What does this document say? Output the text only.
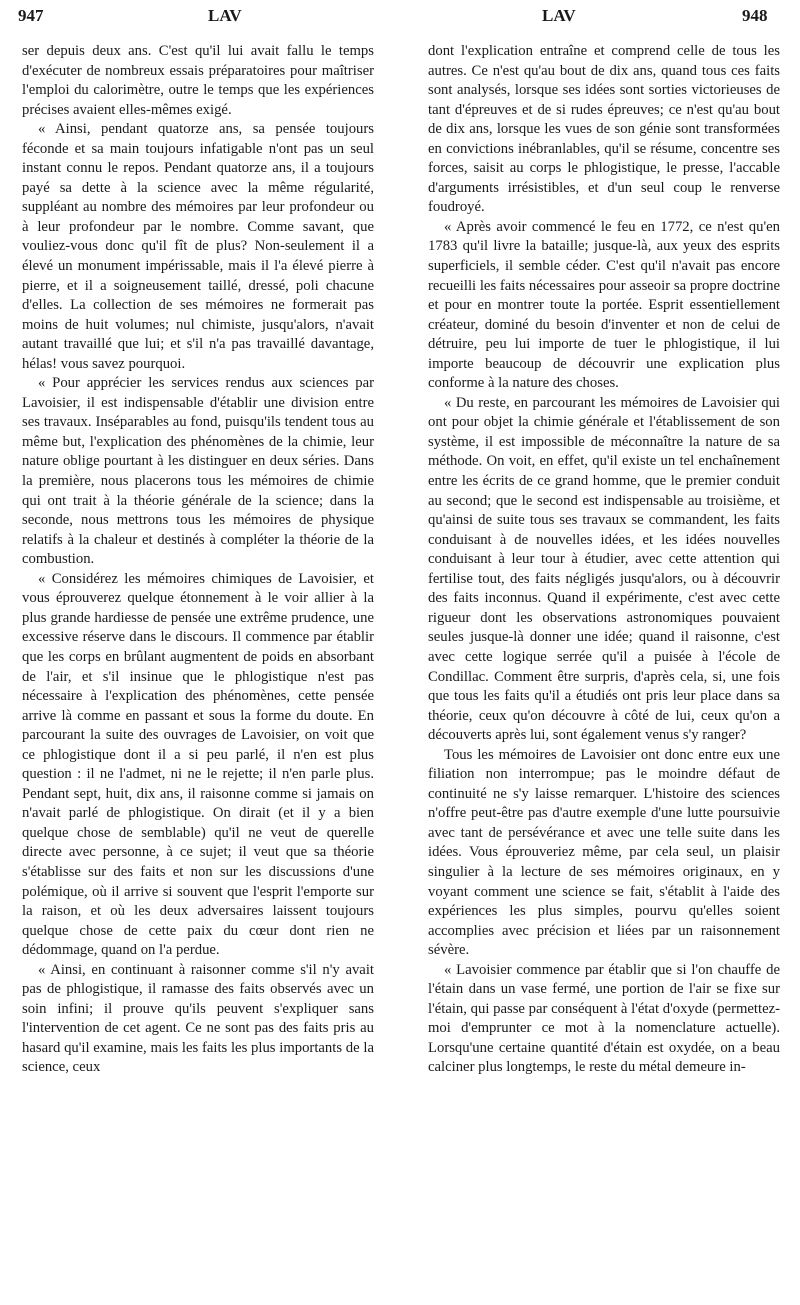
947	LAV	LAV	948

ser depuis deux ans. C'est qu'il lui avait fallu le temps d'exécuter de nombreux essais préparatoires pour maîtriser l'emploi du calorimètre, outre le temps que les expériences précises avaient elles-mêmes exigé.

« Ainsi, pendant quatorze ans, sa pensée toujours féconde et sa main toujours infatigable n'ont pas un seul instant connu le repos. Pendant quatorze ans, il a toujours payé sa dette à la science avec la même régularité, suppléant au nombre des mémoires par leur profondeur ou à leur profondeur par le nombre. Comme savant, que vouliez-vous donc qu'il fît de plus? Non-seulement il a élevé un monument impérissable, mais il l'a élevé pierre à pierre, et il a soigneusement taillé, dressé, poli chacune d'elles. La collection de ses mémoires ne formerait pas moins de huit volumes; nul chimiste, jusqu'alors, n'avait autant travaillé que lui; et s'il n'a pas travaillé davantage, hélas! vous savez pourquoi.

« Pour apprécier les services rendus aux sciences par Lavoisier, il est indispensable d'établir une division entre ses travaux. Inséparables au fond, puisqu'ils tendent tous au même but, l'explication des phénomènes de la chimie, leur nature oblige pourtant à les distinguer en deux séries. Dans la première, nous placerons tous les mémoires de chimie qui ont trait à la théorie générale de la science; dans la seconde, nous mettrons tous les mémoires de physique relatifs à la chaleur et destinés à compléter la théorie de la combustion.

« Considérez les mémoires chimiques de Lavoisier, et vous éprouverez quelque étonnement à le voir allier à la plus grande hardiesse de pensée une extrême prudence, une excessive réserve dans le discours. Il commence par établir que les corps en brûlant augmentent de poids en absorbant de l'air, et s'il insinue que le phlogistique n'est pas nécessaire à l'explication des phénomènes, cette pensée arrive là comme en passant et sous la forme du doute. En parcourant la suite des ouvrages de Lavoisier, on voit que ce phlogistique dont il a si peu parlé, il n'en est plus question : il ne l'admet, ni ne le rejette; il n'en parle plus. Pendant sept, huit, dix ans, il raisonne comme si jamais on n'avait parlé de phlogistique. On dirait (et il y a bien quelque chose de semblable) qu'il ne veut de querelle directe avec personne, à ce sujet; il veut que sa théorie s'établisse sur des faits et non sur les discussions d'une polémique, où il arrive si souvent que l'esprit l'emporte sur la raison, et où les deux adversaires laissent toujours quelque chose de cette paix du cœur dont rien ne dédommage, quand on l'a perdue.

« Ainsi, en continuant à raisonner comme s'il n'y avait pas de phlogistique, il ramasse des faits observés avec un soin infini; il prouve qu'ils peuvent s'expliquer sans l'intervention de cet agent. Ce ne sont pas des faits pris au hasard qu'il examine, mais les faits les plus importants de la science, ceux

dont l'explication entraîne et comprend celle de tous les autres. Ce n'est qu'au bout de dix ans, quand tous ces faits sont analysés, lorsque ses idées sont sorties victorieuses de tant d'épreuves et de si rudes épreuves; ce n'est qu'au bout de dix ans, lorsque les vues de son génie sont transformées en convictions inébranlables, qu'il se résume, concentre ses forces, saisit au corps le phlogistique, le presse, l'accable d'arguments irrésistibles, et d'un seul coup le renverse foudroyé.

« Après avoir commencé le feu en 1772, ce n'est qu'en 1783 qu'il livre la bataille; jusque-là, aux yeux des esprits superficiels, il semble céder. C'est qu'il n'avait pas encore recueilli les faits nécessaires pour asseoir sa propre doctrine et pour en montrer toute la portée. Esprit essentiellement créateur, dominé du besoin d'inventer et non de celui de détruire, peu lui importe de tuer le phlogistique, il lui importe beaucoup de découvrir une explication plus conforme à la nature des choses.

« Du reste, en parcourant les mémoires de Lavoisier qui ont pour objet la chimie générale et l'établissement de son système, il est impossible de méconnaître la nature de sa méthode. On voit, en effet, qu'il existe un tel enchaînement entre les écrits de ce grand homme, que le premier conduit au second; que le second est indispensable au troisième, et qu'ainsi de suite tous ses travaux se commandent, les faits conduisant à de nouvelles idées, et les idées nouvelles conduisant à leur tour à étudier, avec cette attention qui fertilise tout, des faits négligés jusqu'alors, ou à découvrir des faits inconnus. Quand il expérimente, c'est avec cette rigueur dont les observations astronomiques pouvaient seules jusque-là donner une idée; quand il raisonne, c'est avec cette logique serrée qu'il a puisée à l'école de Condillac. Comment être surpris, d'après cela, si, une fois que tous les faits qu'il a étudiés ont pris leur place dans sa théorie, ceux qu'on découvre à côté de lui, ceux qu'on a découverts après lui, sont également venus s'y ranger?

Tous les mémoires de Lavoisier ont donc entre eux une filiation non interrompue; pas le moindre défaut de continuité ne s'y laisse remarquer. L'histoire des sciences n'offre peut-être pas d'autre exemple d'une lutte poursuivie avec tant de persévérance et avec une telle suite dans les idées. Vous éprouveriez même, par cela seul, un plaisir singulier à la lecture de ses mémoires originaux, en y voyant comment une science se fait, s'établit à l'aide des expériences les plus simples, pourvu qu'elles soient accomplies avec précision et liées par un raisonnement sévère.

« Lavoisier commence par établir que si l'on chauffe de l'étain dans un vase fermé, une portion de l'air se fixe sur l'étain, qui passe par conséquent à l'état d'oxyde (permettez-moi d'emprunter ce mot à la nomenclature actuelle). Lorsqu'une certaine quantité d'étain est oxydée, on a beau calciner plus longtemps, le reste du métal demeure in-
